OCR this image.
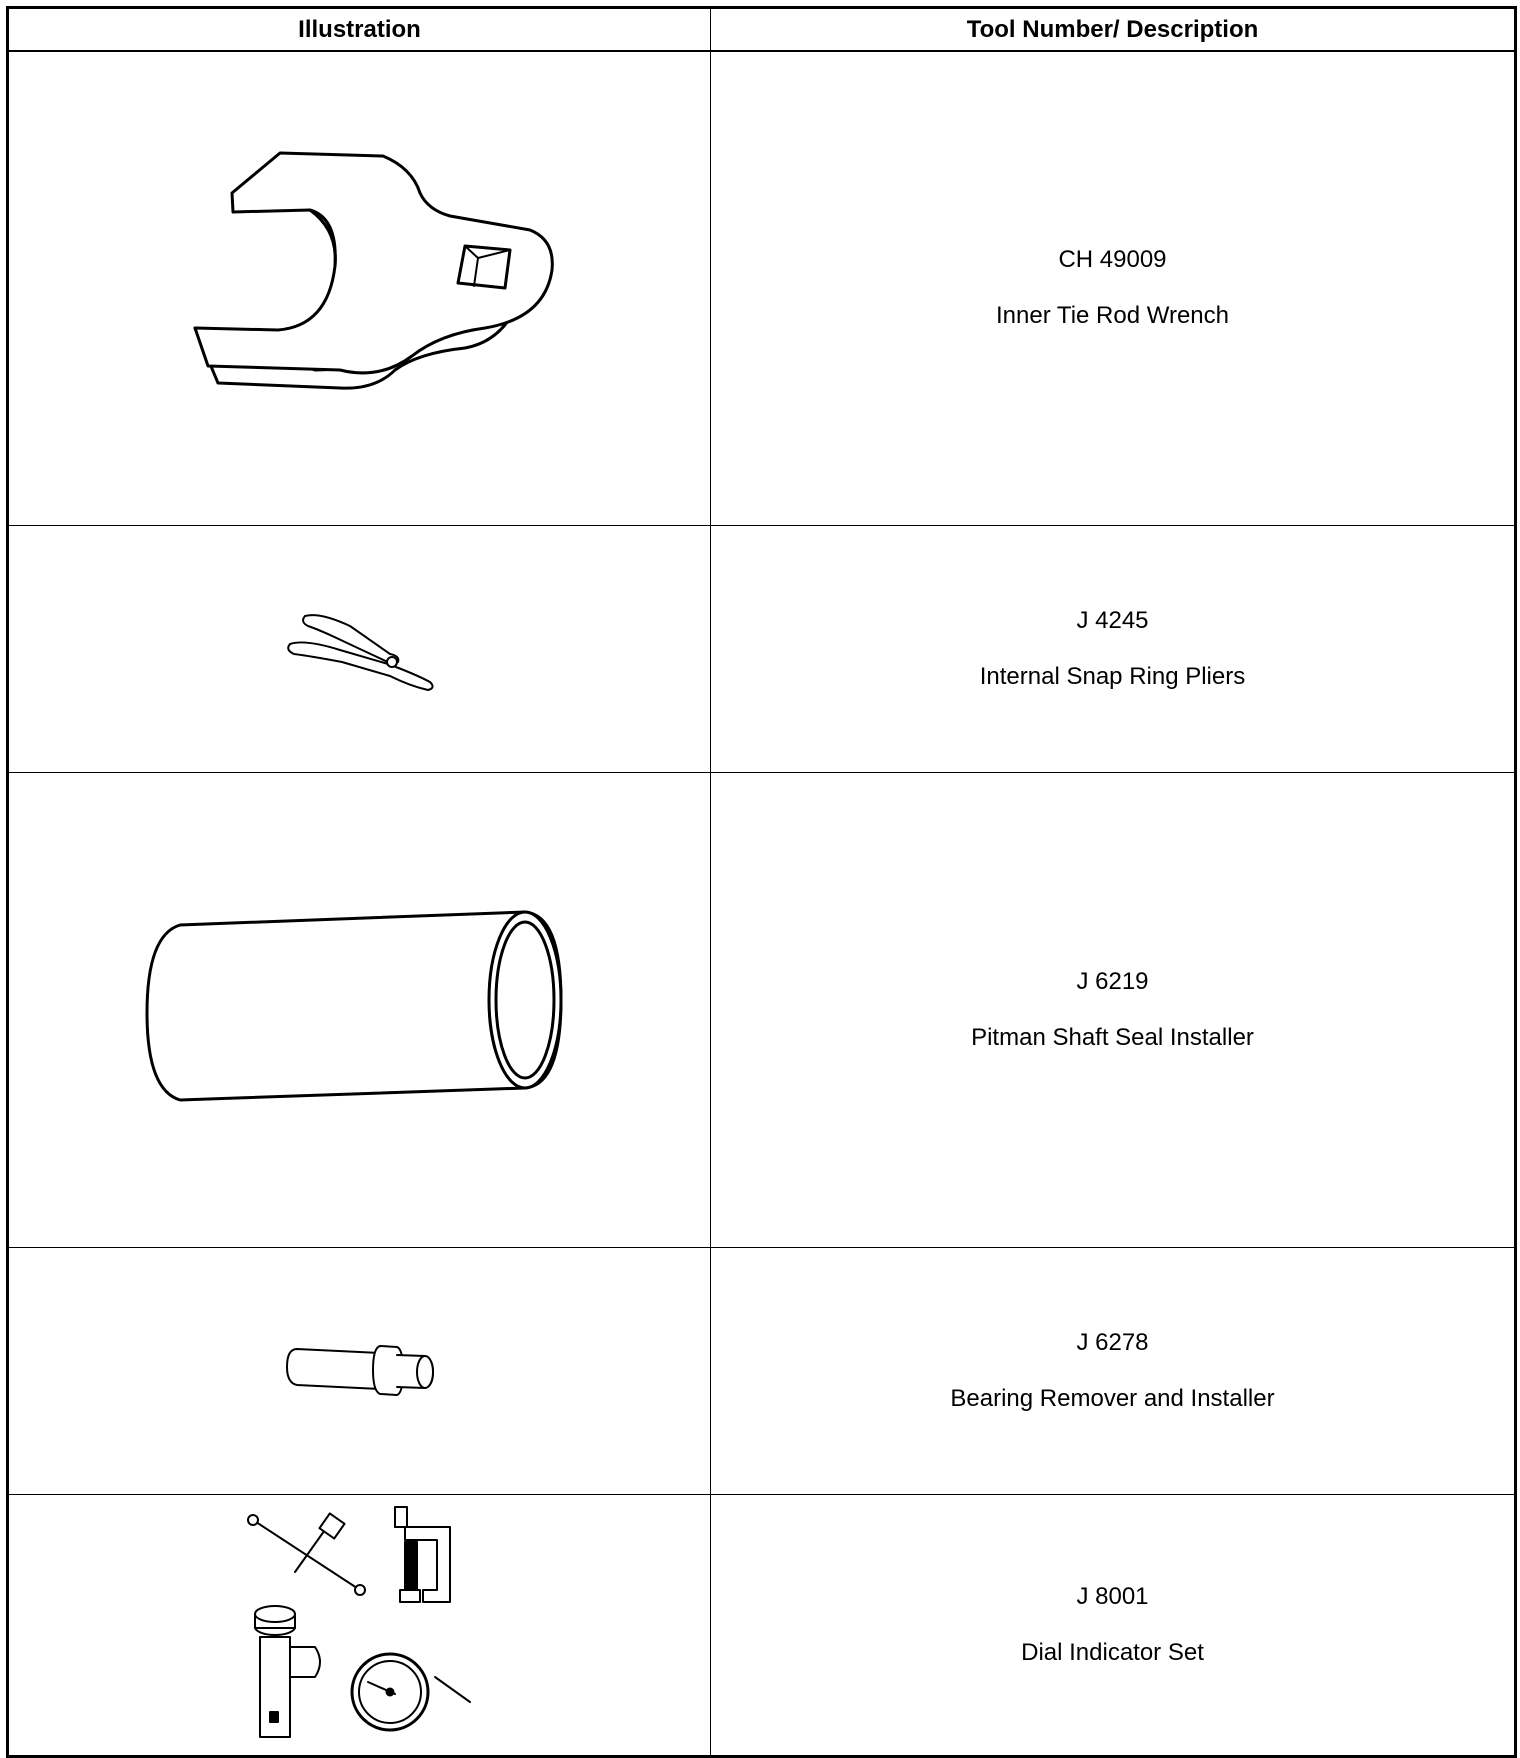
Illustration	Tool Number/ Description

CH 49009
Inner Tie Rod Wrench

J 4245
Internal Snap Ring Pliers

J 6219
Pitman Shaft Seal Installer

J 6278
Bearing Remover and Installer

J 8001
Dial Indicator Set
